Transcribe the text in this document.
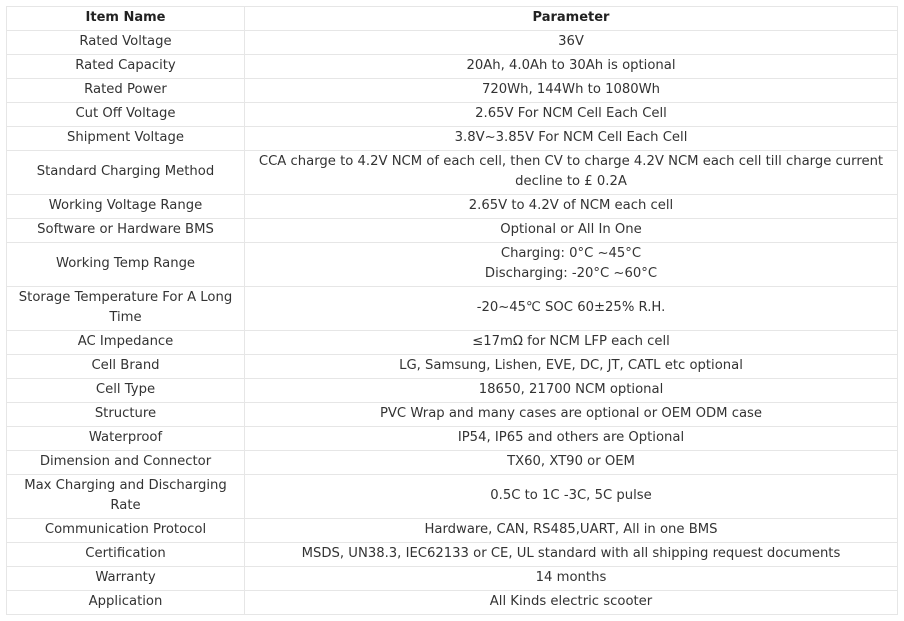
Item Name	Parameter
Rated Voltage	36V
Rated Capacity	20Ah, 4.0Ah to 30Ah is optional
Rated Power	720Wh, 144Wh to 1080Wh
Cut Off Voltage	2.65V For NCM Cell Each Cell
Shipment Voltage	3.8V~3.85V For NCM Cell Each Cell
Standard Charging Method	CCA charge to 4.2V NCM of each cell, then CV to charge 4.2V NCM each cell till charge current
decline to £ 0.2A
Working Voltage Range	2.65V to 4.2V of NCM each cell
Software or Hardware BMS	Optional or All In One
Working Temp Range	Charging: 0°C ~45°C
Discharging: -20°C ~60°C
Storage Temperature For A Long
Time	-20~45℃ SOC 60±25% R.H.
AC Impedance	≤17mΩ for NCM LFP each cell
Cell Brand	LG, Samsung, Lishen, EVE, DC, JT, CATL etc optional
Cell Type	18650, 21700 NCM optional
Structure	PVC Wrap and many cases are optional or OEM ODM case
Waterproof	IP54, IP65 and others are Optional
Dimension and Connector	TX60, XT90 or OEM
Max Charging and Discharging
Rate	0.5C to 1C -3C, 5C pulse
Communication Protocol	Hardware, CAN, RS485,UART, All in one BMS
Certification	MSDS, UN38.3, IEC62133 or CE, UL standard with all shipping request documents
Warranty	14 months
Application	All Kinds electric scooter
